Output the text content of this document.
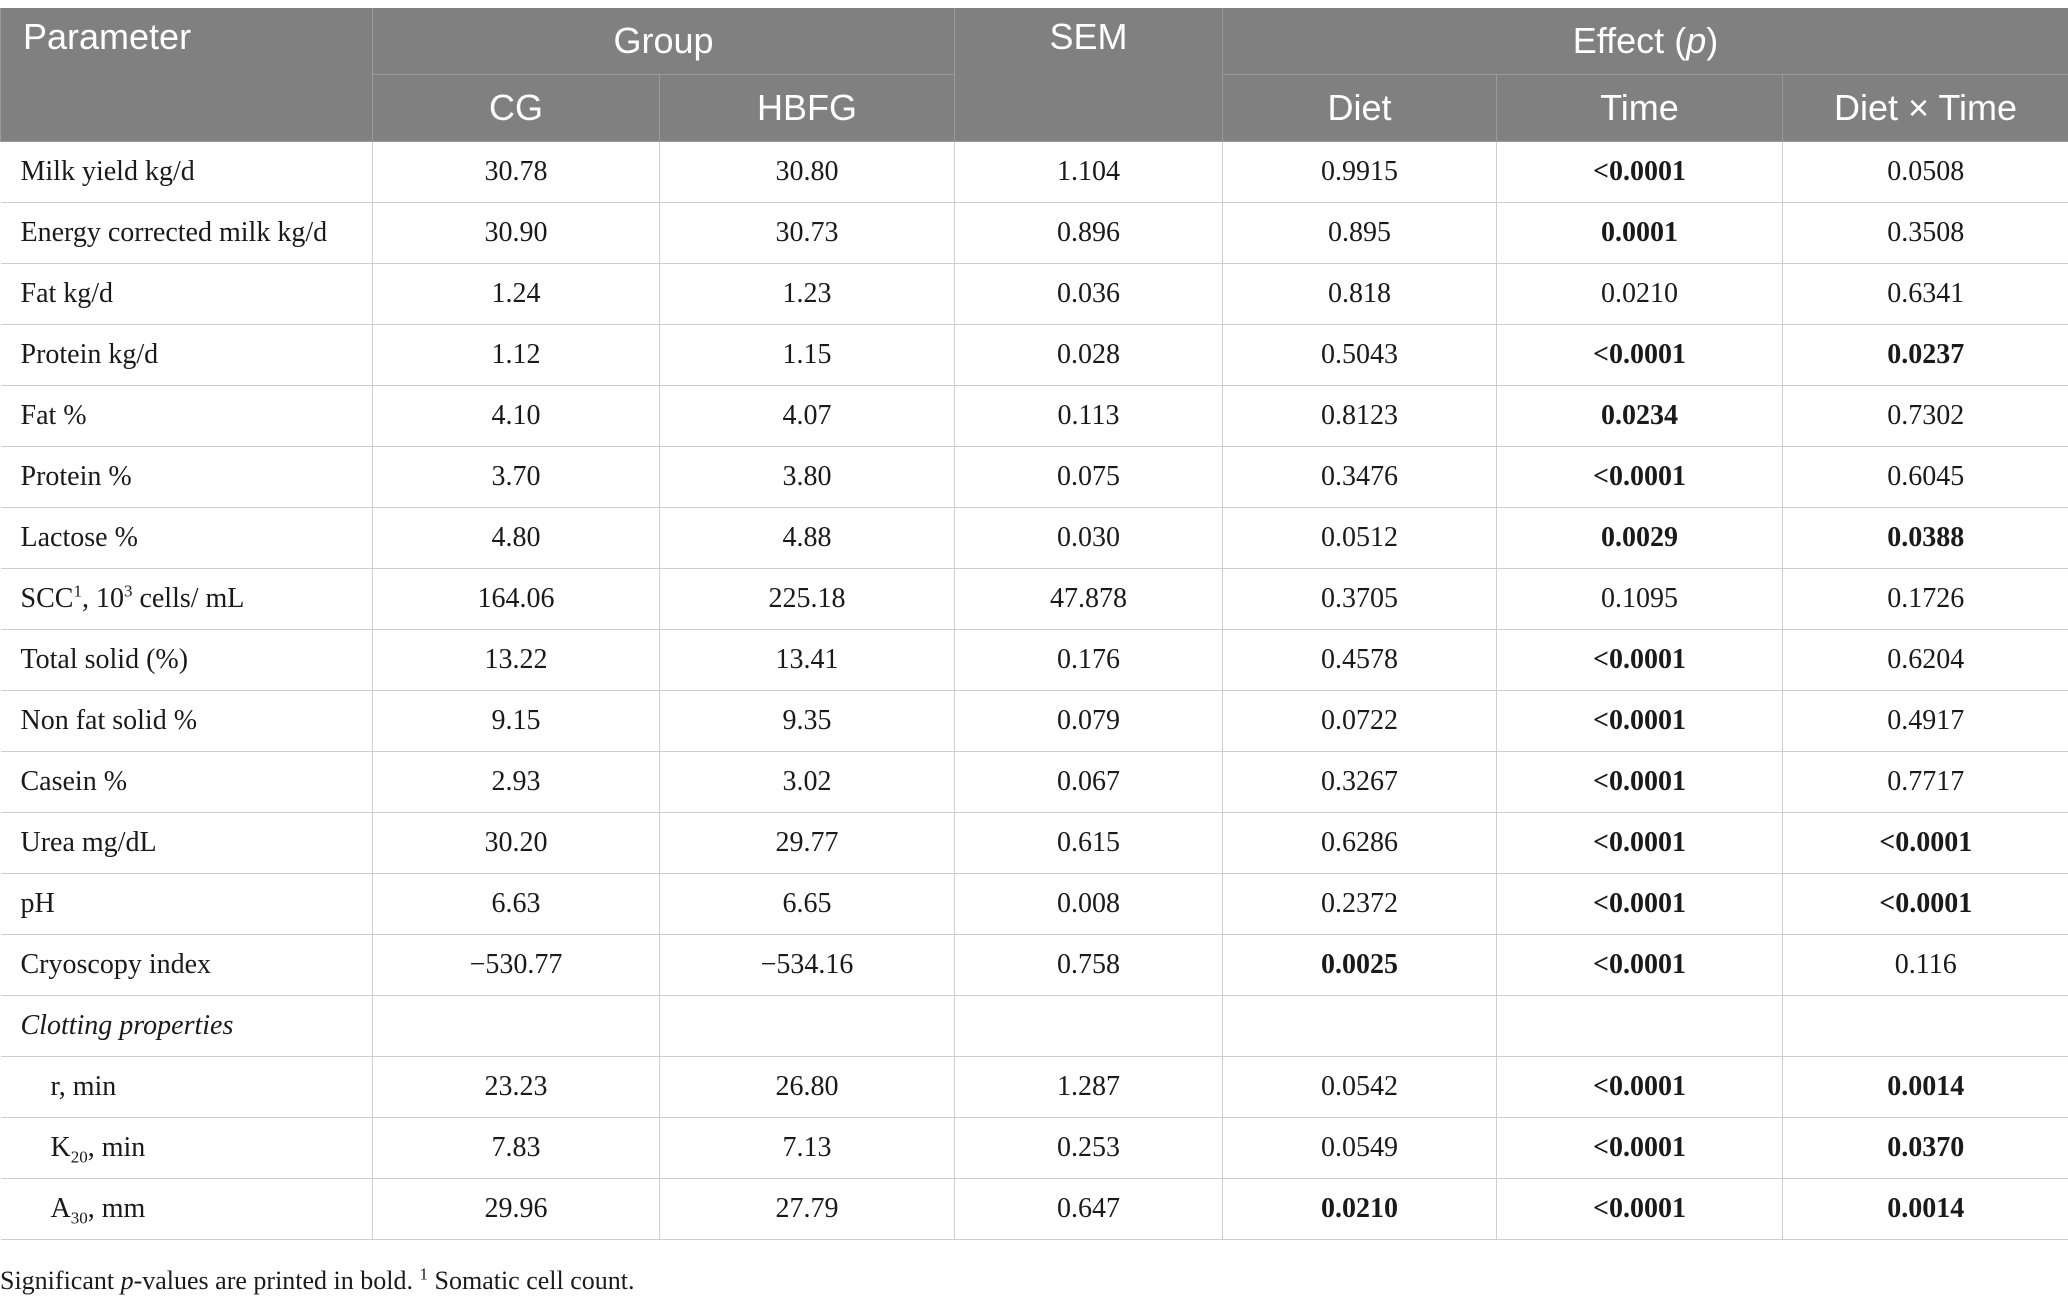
Parameter	Group		SEM	Effect (p)		
	CG	HBFG		Diet	Time	Diet × Time
Milk yield kg/d	30.78	30.80	1.104	0.9915	<0.0001	0.0508
Energy corrected milk kg/d	30.90	30.73	0.896	0.895	0.0001	0.3508
Fat kg/d	1.24	1.23	0.036	0.818	0.0210	0.6341
Protein kg/d	1.12	1.15	0.028	0.5043	<0.0001	0.0237
Fat %	4.10	4.07	0.113	0.8123	0.0234	0.7302
Protein %	3.70	3.80	0.075	0.3476	<0.0001	0.6045
Lactose %	4.80	4.88	0.030	0.0512	0.0029	0.0388
SCC$^1$, $10^3$ cells/ mL	164.06	225.18	47.878	0.3705	0.1095	0.1726
Total solid (%)	13.22	13.41	0.176	0.4578	<0.0001	0.6204
Non fat solid %	9.15	9.35	0.079	0.0722	<0.0001	0.4917
Casein %	2.93	3.02	0.067	0.3267	<0.0001	0.7717
Urea mg/dL	30.20	29.77	0.615	0.6286	<0.0001	<0.0001
pH	6.63	6.65	0.008	0.2372	<0.0001	<0.0001
Cryoscopy index	−530.77	−534.16	0.758	0.0025	<0.0001	0.116
Clotting properties						
r, min	23.23	26.80	1.287	0.0542	<0.0001	0.0014
$K_{20}$, min	7.83	7.13	0.253	0.0549	<0.0001	0.0370
$A_{30}$, mm	29.96	27.79	0.647	0.0210	<0.0001	0.0014
Significant p-values are printed in bold. $^1$ Somatic cell count.
